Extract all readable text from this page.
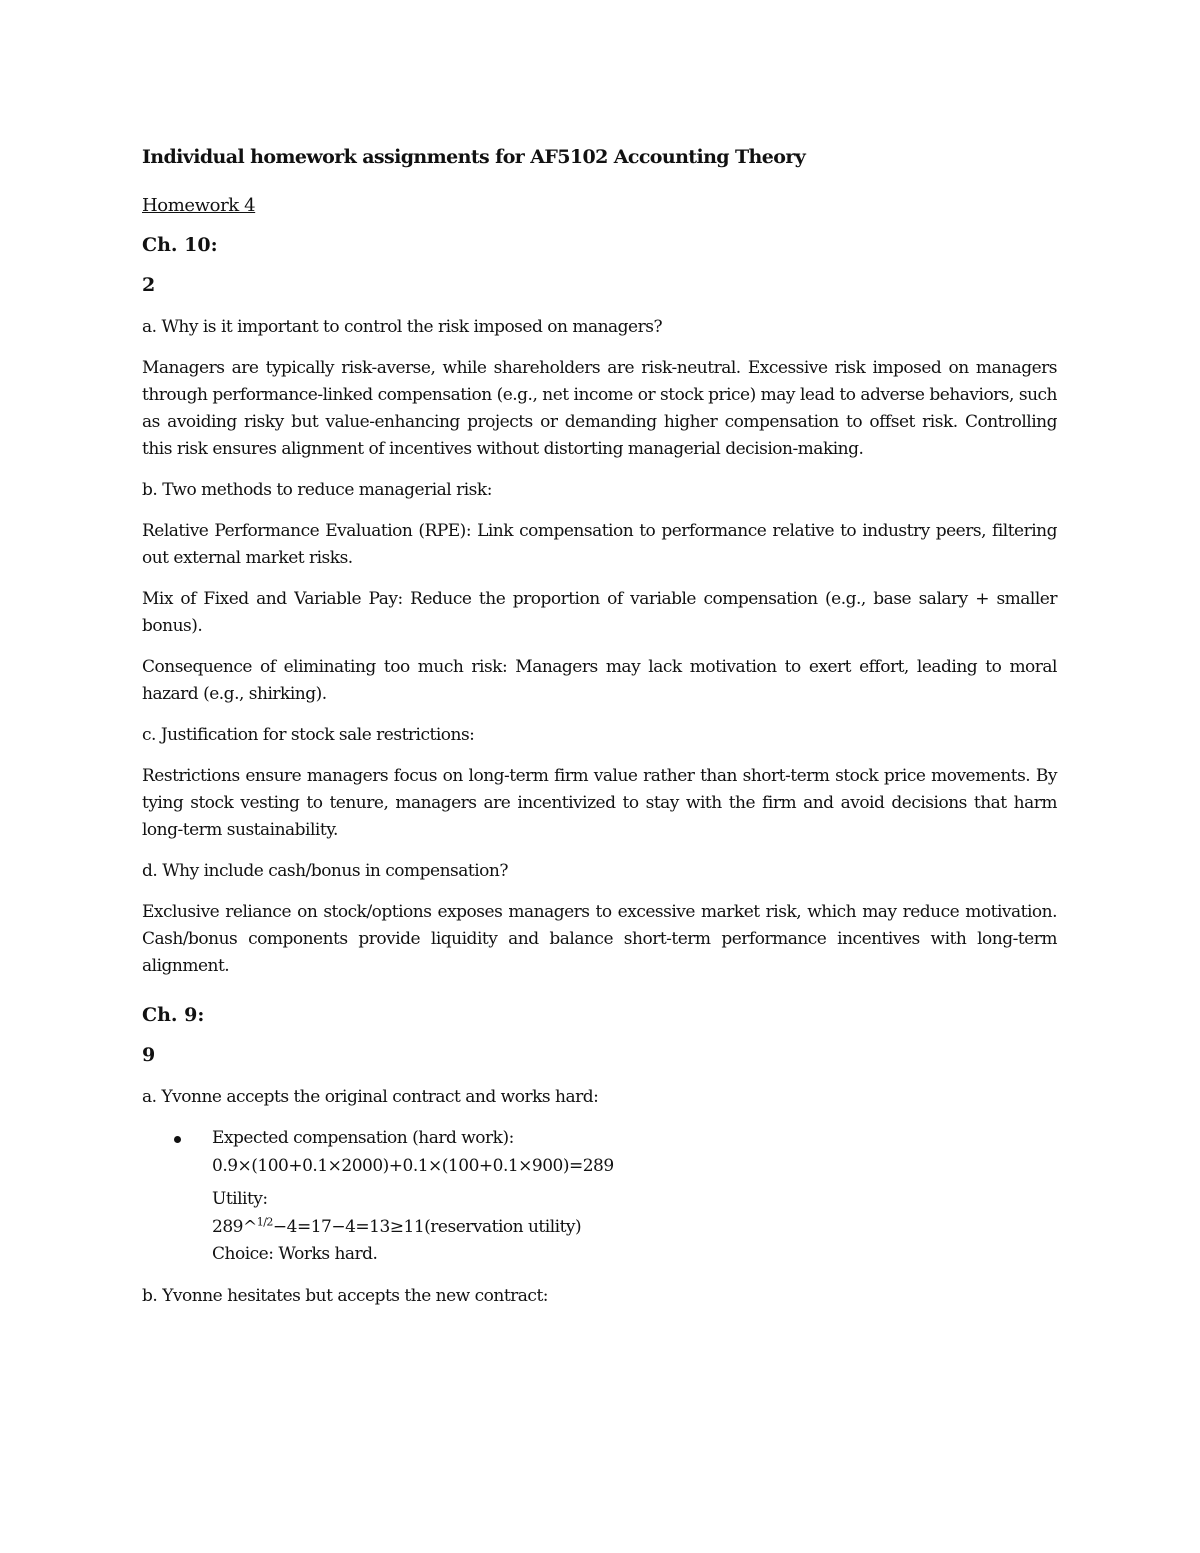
Individual homework assignments for AF5102 Accounting Theory
Homework 4
Ch. 10:
2

a. Why is it important to control the risk imposed on managers?

Managers are typically risk-averse, while shareholders are risk-neutral. Excessive risk imposed on managers through performance-linked compensation (e.g., net income or stock price) may lead to adverse behaviors, such as avoiding risky but value-enhancing projects or demanding higher compensation to offset risk. Controlling this risk ensures alignment of incentives without distorting managerial decision-making.

b. Two methods to reduce managerial risk:

Relative Performance Evaluation (RPE): Link compensation to performance relative to industry peers, filtering out external market risks.

Mix of Fixed and Variable Pay: Reduce the proportion of variable compensation (e.g., base salary + smaller bonus).

Consequence of eliminating too much risk: Managers may lack motivation to exert effort, leading to moral hazard (e.g., shirking).

c. Justification for stock sale restrictions:

Restrictions ensure managers focus on long-term firm value rather than short-term stock price movements. By tying stock vesting to tenure, managers are incentivized to stay with the firm and avoid decisions that harm long-term sustainability.

d. Why include cash/bonus in compensation?

Exclusive reliance on stock/options exposes managers to excessive market risk, which may reduce motivation. Cash/bonus components provide liquidity and balance short-term performance incentives with long-term alignment.

Ch. 9:
9

a. Yvonne accepts the original contract and works hard:

Expected compensation (hard work):
0.9×(100+0.1×2000)+0.1×(100+0.1×900)=289
Utility:
289^$^{1/2}$−4=17−4=13≥11(reservation utility)
Choice: Works hard.

b. Yvonne hesitates but accepts the new contract:
